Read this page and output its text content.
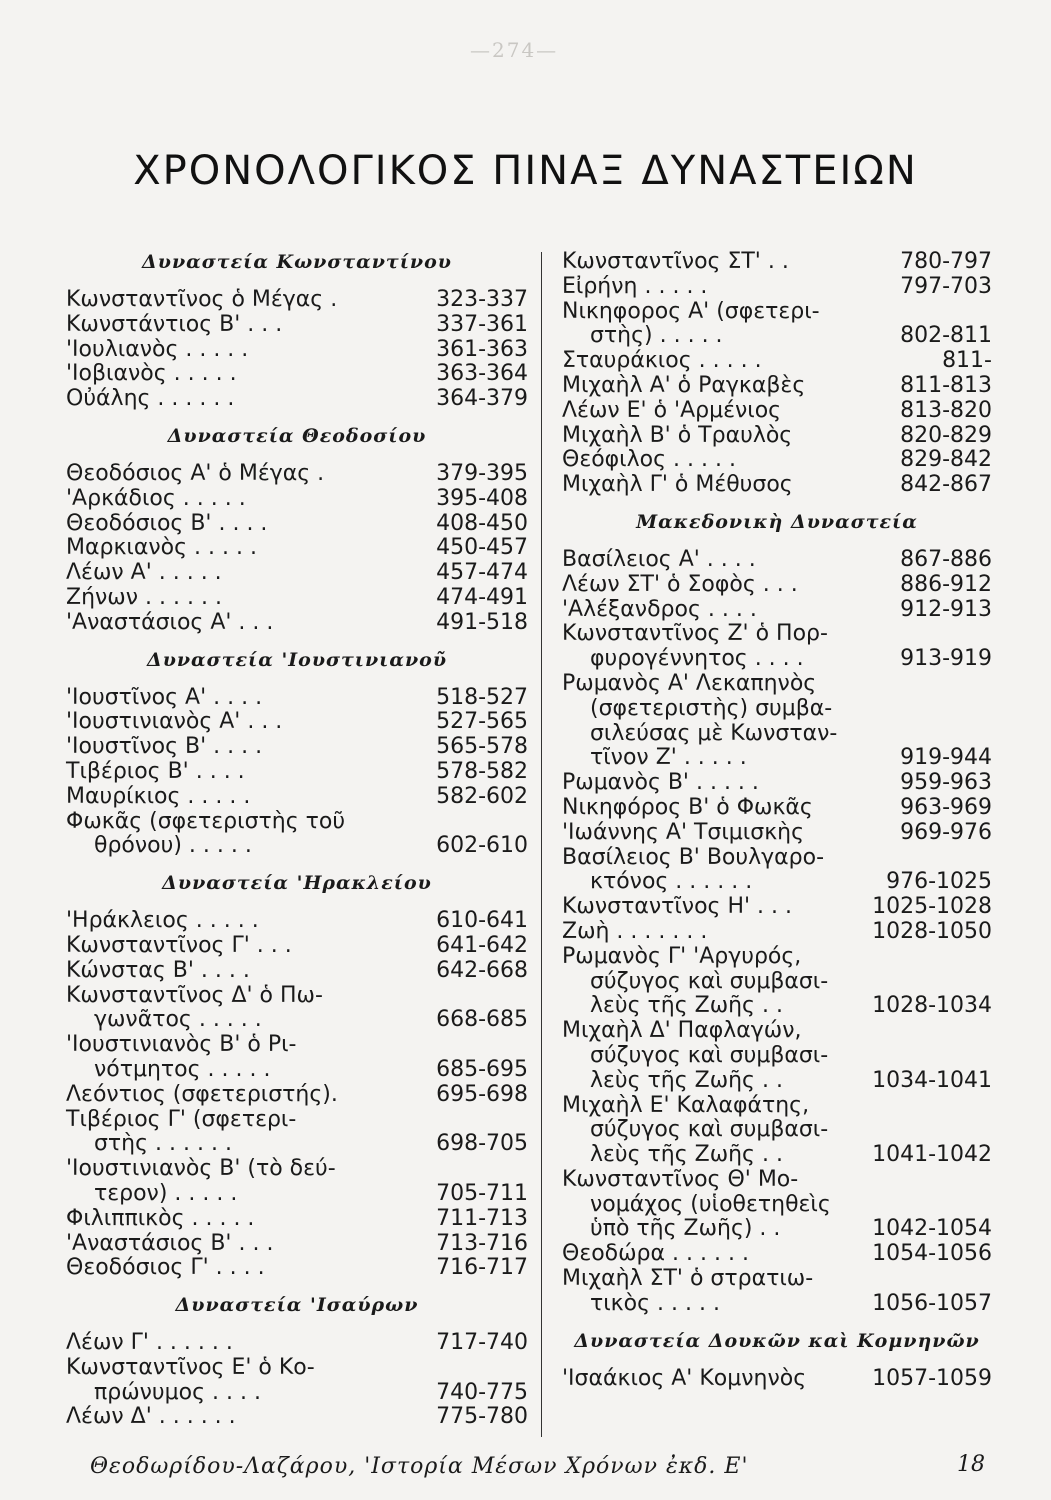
—274—
ΧΡΟΝΟΛΟΓΙΚΟΣ ΠΙΝΑΞ ΔΥΝΑΣΤΕΙΩΝ
Δυναστεία Κωνσταντίνου
Κωνσταντῖνος ὁ Μέγας .	323-337
Κωνστάντιος Β' . . .	337-361
'Ιουλιανὸς . . . . .	361-363
'Ιοβιανὸς . . . . .	363-364
Οὐάλης . . . . . .	364-379
Δυναστεία Θεοδοσίου
Θεοδόσιος Α' ὁ Μέγας .	379-395
'Αρκάδιος . . . . .	395-408
Θεοδόσιος Β' . . . .	408-450
Μαρκιανὸς . . . . .	450-457
Λέων Α' . . . . .	457-474
Ζήνων . . . . . .	474-491
'Αναστάσιος Α' . . .	491-518
Δυναστεία 'Ιουστινιανοῦ
'Ιουστῖνος Α' . . . .	518-527
'Ιουστινιανὸς Α' . . .	527-565
'Ιουστῖνος Β' . . . .	565-578
Τιβέριος Β' . . . .	578-582
Μαυρίκιος . . . . .	582-602
Φωκᾶς (σφετεριστὴς τοῦ
θρόνου) . . . . .	602-610
Δυναστεία 'Ηρακλείου
'Ηράκλειος . . . . .	610-641
Κωνσταντῖνος Γ' . . .	641-642
Κώνστας Β' . . . .	642-668
Κωνσταντῖνος Δ' ὁ Πω-
γωνᾶτος . . . . .	668-685
'Ιουστινιανὸς Β' ὁ Ρι-
νότμητος . . . . .	685-695
Λεόντιος (σφετεριστής).	695-698
Τιβέριος Γ' (σφετερι-
στὴς . . . . . .	698-705
'Ιουστινιανὸς Β' (τὸ δεύ-
τερον) . . . . .	705-711
Φιλιππικὸς . . . . .	711-713
'Αναστάσιος Β' . . .	713-716
Θεοδόσιος Γ' . . . .	716-717
Δυναστεία 'Ισαύρων
Λέων Γ' . . . . . .	717-740
Κωνσταντῖνος Ε' ὁ Κο-
πρώνυμος . . . .	740-775
Λέων Δ' . . . . . .	775-780
Κωνσταντῖνος ΣΤ' . .	780-797
Εἰρήνη . . . . .	797-703
Νικηφορος Α' (σφετερι-
στὴς) . . . . .	802-811
Σταυράκιος . . . . .	811-
Μιχαὴλ Α' ὁ Ραγκαβὲς	811-813
Λέων Ε' ὁ 'Αρμένιος	813-820
Μιχαὴλ Β' ὁ Τραυλὸς	820-829
Θεόφιλος . . . . .	829-842
Μιχαὴλ Γ' ὁ Μέθυσος	842-867
Μακεδονικὴ Δυναστεία
Βασίλειος Α' . . . .	867-886
Λέων ΣΤ' ὁ Σοφὸς . . .	886-912
'Αλέξανδρος . . . .	912-913
Κωνσταντῖνος Ζ' ὁ Πορ-
φυρογέννητος . . . .	913-919
Ρωμανὸς Α' Λεκαπηνὸς
(σφετεριστὴς) συμβα-
σιλεύσας μὲ Κωνσταν-
τῖνον Ζ' . . . . .	919-944
Ρωμανὸς Β' . . . . .	959-963
Νικηφόρος Β' ὁ Φωκᾶς	963-969
'Ιωάννης Α' Τσιμισκὴς	969-976
Βασίλειος Β' Βουλγαρο-
κτόνος . . . . . .	976-1025
Κωνσταντῖνος Η' . . .	1025-1028
Ζωὴ . . . . . . .	1028-1050
Ρωμανὸς Γ' 'Αργυρός,
σύζυγος καὶ συμβασι-
λεὺς τῆς Ζωῆς . .	1028-1034
Μιχαὴλ Δ' Παφλαγών,
σύζυγος καὶ συμβασι-
λεὺς τῆς Ζωῆς . .	1034-1041
Μιχαὴλ Ε' Καλαφάτης,
σύζυγος καὶ συμβασι-
λεὺς τῆς Ζωῆς . .	1041-1042
Κωνσταντῖνος Θ' Μο-
νομάχος (υἱοθετηθεὶς
ὑπὸ τῆς Ζωῆς) . .	1042-1054
Θεοδώρα . . . . . .	1054-1056
Μιχαὴλ ΣΤ' ὁ στρατιω-
τικὸς . . . . .	1056-1057
Δυναστεία Δουκῶν καὶ Κομνηνῶν
'Ισαάκιος Α' Κομνηνὸς	1057-1059
Θεοδωρίδου-Λαζάρου, 'Ιστορία Μέσων Χρόνων ἐκδ. Ε'	18
